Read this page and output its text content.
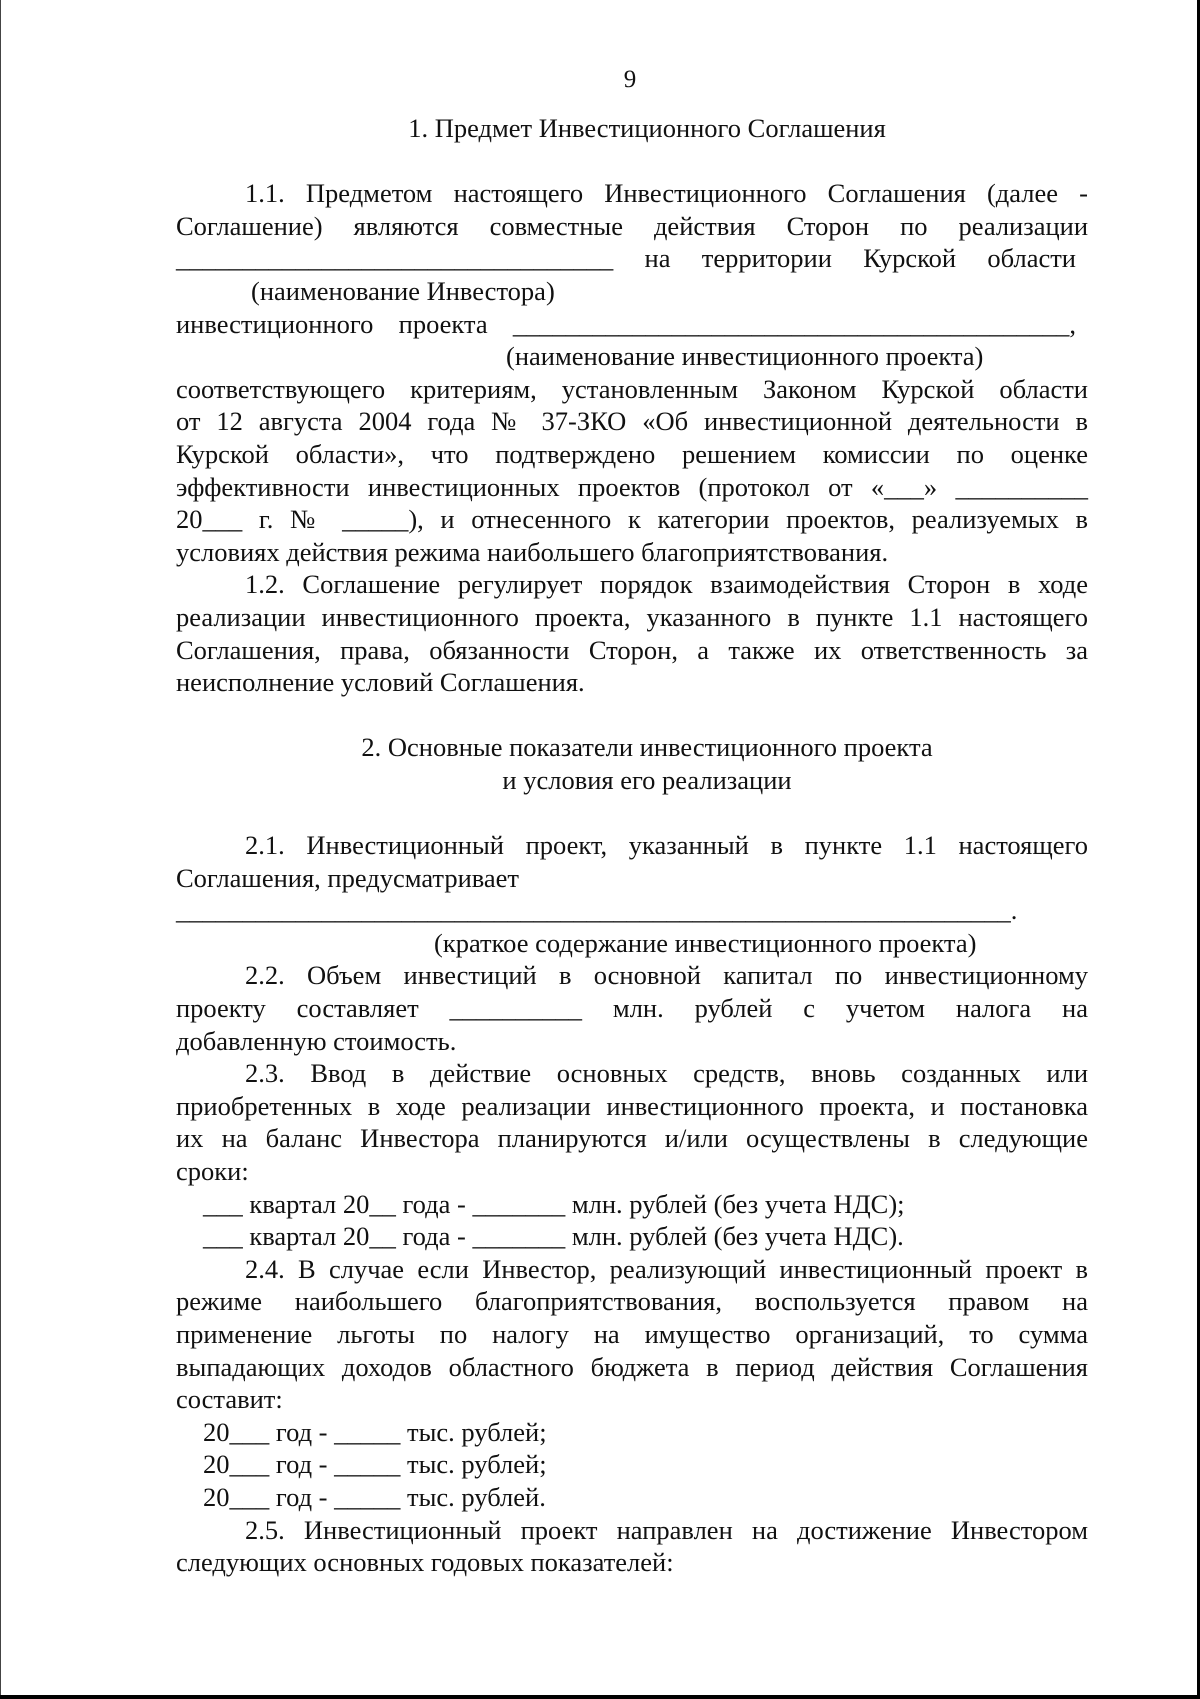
9
1. Предмет Инвестиционного Соглашения
1.1. Предметом настоящего Инвестиционного Соглашения (далее -
Соглашение) являются совместные действия Сторон по реализации
_________________________________ на территории Курской области
(наименование Инвестора)
инвестиционного проекта __________________________________________,
(наименование инвестиционного проекта)
соответствующего критериям, установленным Законом Курской области
от 12 августа 2004 года № 37-ЗКО «Об инвестиционной деятельности в
Курской области», что подтверждено решением комиссии по оценке
эффективности инвестиционных проектов (протокол от «___» __________
20___ г. № _____), и отнесенного к категории проектов, реализуемых в
условиях действия режима наибольшего благоприятствования.
1.2. Соглашение регулирует порядок взаимодействия Сторон в ходе
реализации инвестиционного проекта, указанного в пункте 1.1 настоящего
Соглашения, права, обязанности Сторон, а также их ответственность за
неисполнение условий Соглашения.
2. Основные показатели инвестиционного проекта
и условия его реализации
2.1. Инвестиционный проект, указанный в пункте 1.1 настоящего
Соглашения, предусматривает
_______________________________________________________________.
(краткое содержание инвестиционного проекта)
2.2. Объем инвестиций в основной капитал по инвестиционному
проекту составляет __________ млн. рублей с учетом налога на
добавленную стоимость.
2.3. Ввод в действие основных средств, вновь созданных или
приобретенных в ходе реализации инвестиционного проекта, и постановка
их на баланс Инвестора планируются и/или осуществлены в следующие
сроки:
___ квартал 20__ года - _______ млн. рублей (без учета НДС);
___ квартал 20__ года - _______ млн. рублей (без учета НДС).
2.4. В случае если Инвестор, реализующий инвестиционный проект в
режиме наибольшего благоприятствования, воспользуется правом на
применение льготы по налогу на имущество организаций, то сумма
выпадающих доходов областного бюджета в период действия Соглашения
составит:
20___ год - _____ тыс. рублей;
20___ год - _____ тыс. рублей;
20___ год - _____ тыс. рублей.
2.5. Инвестиционный проект направлен на достижение Инвестором
следующих основных годовых показателей:
